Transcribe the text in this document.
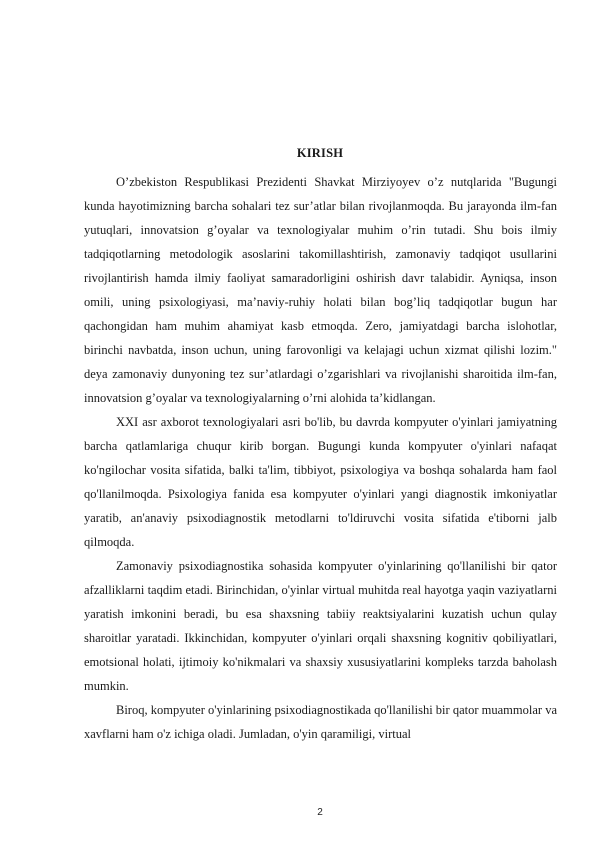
KIRISH

O’zbekiston Respublikasi Prezidenti Shavkat Mirziyoyev o’z nutqlarida "Bugungi kunda hayotimizning barcha sohalari tez sur’atlar bilan rivojlanmoqda. Bu jarayonda ilm-fan yutuqlari, innovatsion g’oyalar va texnologiyalar muhim o’rin tutadi. Shu bois ilmiy tadqiqotlarning metodologik asoslarini takomillashtirish, zamonaviy tadqiqot usullarini rivojlantirish hamda ilmiy faoliyat samaradorligini oshirish davr talabidir. Ayniqsa, inson omili, uning psixologiyasi, ma’naviy-ruhiy holati bilan bog’liq tadqiqotlar bugun har qachongidan ham muhim ahamiyat kasb etmoqda. Zero, jamiyatdagi barcha islohotlar, birinchi navbatda, inson uchun, uning farovonligi va kelajagi uchun xizmat qilishi lozim." deya zamonaviy dunyoning tez sur’atlardagi o’zgarishlari va rivojlanishi sharoitida ilm-fan, innovatsion g’oyalar va texnologiyalarning o’rni alohida ta’kidlangan.

XXI asr axborot texnologiyalari asri bo'lib, bu davrda kompyuter o'yinlari jamiyatning barcha qatlamlariga chuqur kirib borgan. Bugungi kunda kompyuter o'yinlari nafaqat ko'ngilochar vosita sifatida, balki ta'lim, tibbiyot, psixologiya va boshqa sohalarda ham faol qo'llanilmoqda. Psixologiya fanida esa kompyuter o'yinlari yangi diagnostik imkoniyatlar yaratib, an'anaviy psixodiagnostik metodlarni to'ldiruvchi vosita sifatida e'tiborni jalb qilmoqda.

Zamonaviy psixodiagnostika sohasida kompyuter o'yinlarining qo'llanilishi bir qator afzalliklarni taqdim etadi. Birinchidan, o'yinlar virtual muhitda real hayotga yaqin vaziyatlarni yaratish imkonini beradi, bu esa shaxsning tabiiy reaktsiyalarini kuzatish uchun qulay sharoitlar yaratadi. Ikkinchidan, kompyuter o'yinlari orqali shaxsning kognitiv qobiliyatlari, emotsional holati, ijtimoiy ko'nikmalari va shaxsiy xususiyatlarini kompleks tarzda baholash mumkin.

Biroq, kompyuter o'yinlarining psixodiagnostikada qo'llanilishi bir qator muammolar va xavflarni ham o'z ichiga oladi. Jumladan, o'yin qaramiligi, virtual

2
